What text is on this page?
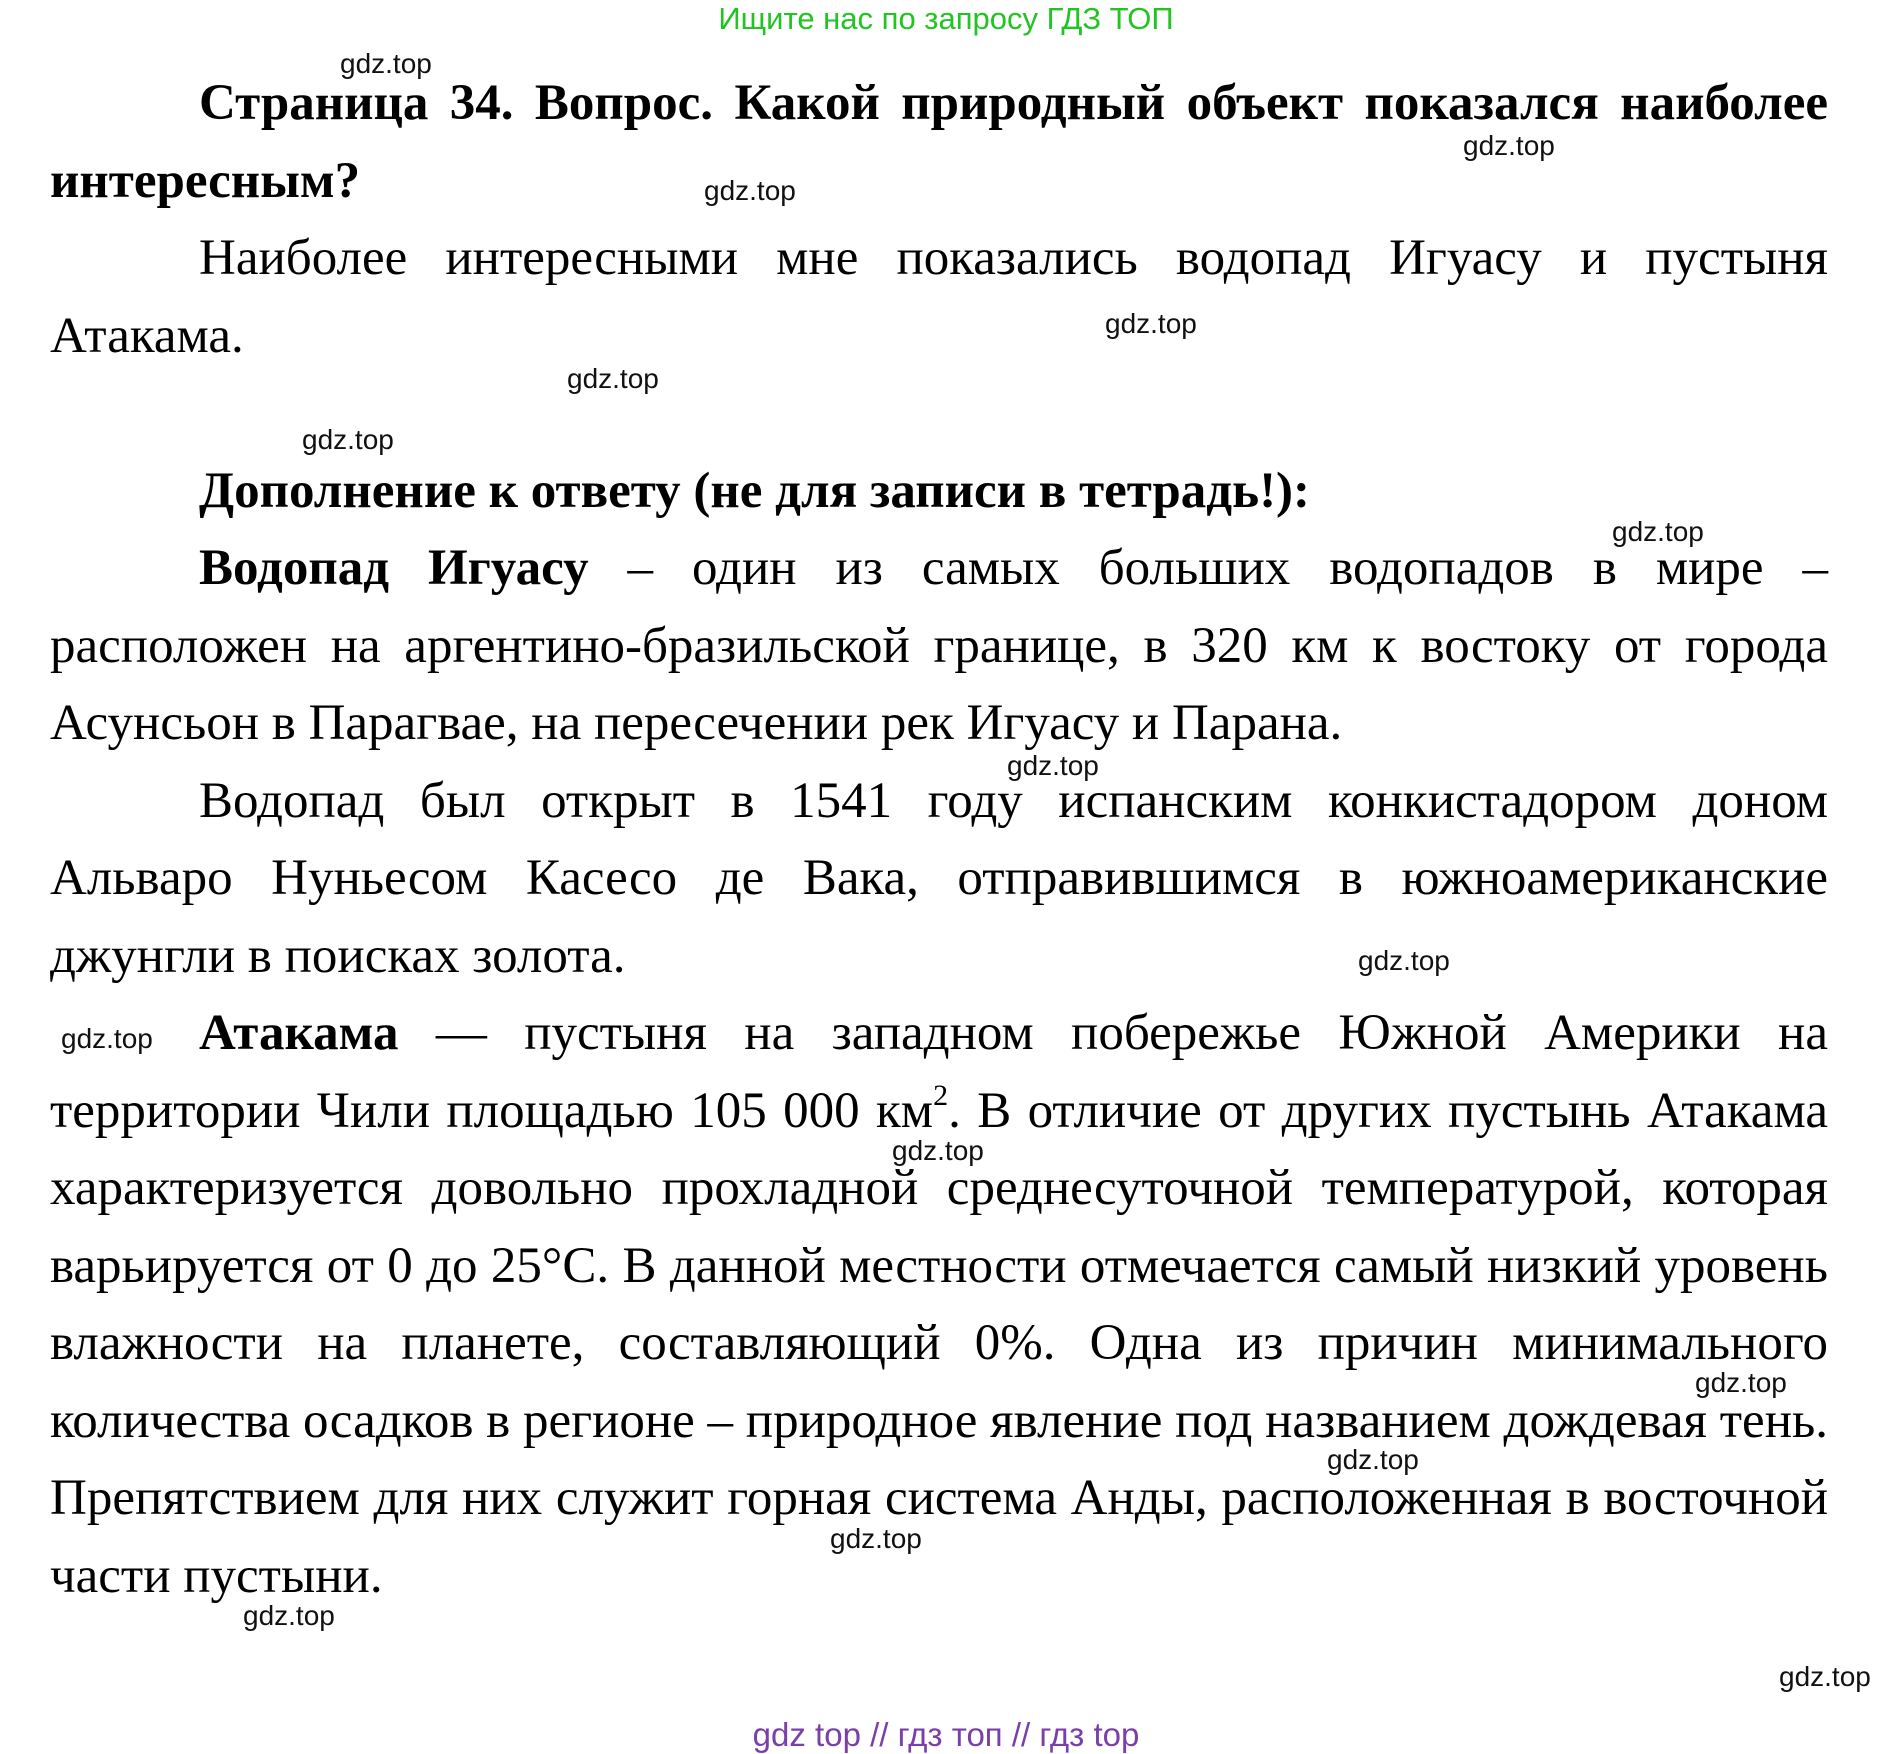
Ищите нас по запросу ГДЗ ТОП

Страница 34. Вопрос. Какой природный объект показался наиболее интересным?

Наиболее интересными мне показались водопад Игуасу и пустыня Атакама.

Дополнение к ответу (не для записи в тетрадь!):

Водопад Игуасу – один из самых больших водопадов в мире – расположен на аргентино-бразильской границе, в 320 км к востоку от города Асунсьон в Парагвае, на пересечении рек Игуасу и Парана.

Водопад был открыт в 1541 году испанским конкистадором доном Альваро Нуньесом Касесо де Вака, отправившимся в южноамериканские джунгли в поисках золота.

Атакама — пустыня на западном побережье Южной Америки на территории Чили площадью 105 000 $км^2$. В отличие от других пустынь Атакама характеризуется довольно прохладной среднесуточной температурой, которая варьируется от 0 до 25°С. В данной местности отмечается самый низкий уровень влажности на планете, составляющий 0%. Одна из причин минимального количества осадков в регионе – природное явление под названием дождевая тень. Препятствием для них служит горная система Анды, расположенная в восточной части пустыни.

gdz.top
gdz.top
gdz.top
gdz.top
gdz.top
gdz.top
gdz.top
gdz.top
gdz.top
gdz.top
gdz.top
gdz.top
gdz.top
gdz.top
gdz.top
gdz.top
gdz top // гдз топ // гдз top
